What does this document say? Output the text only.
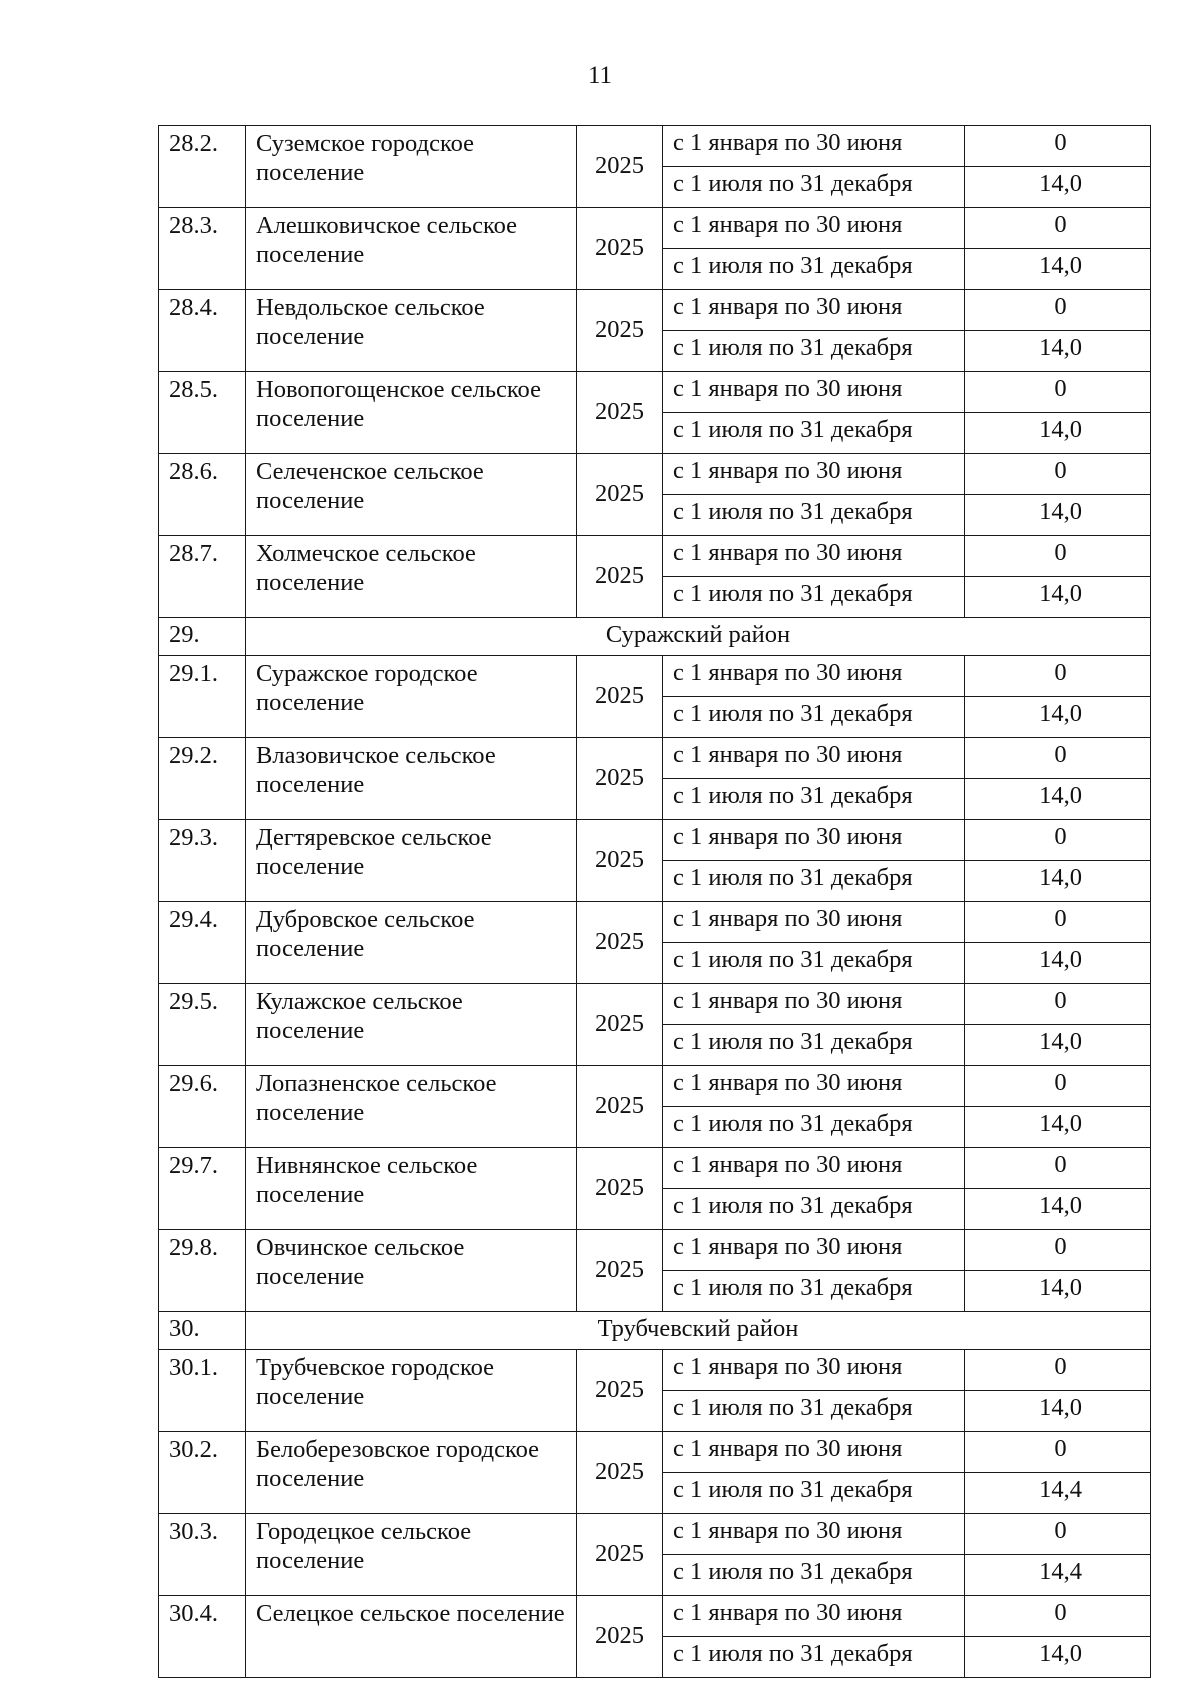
11
28.2.	Суземское городское поселение	2025	с 1 января по 30 июня	0
			с 1 июля по 31 декабря	14,0
28.3.	Алешковичское сельское поселение	2025	с 1 января по 30 июня	0
			с 1 июля по 31 декабря	14,0
28.4.	Невдольское сельское поселение	2025	с 1 января по 30 июня	0
			с 1 июля по 31 декабря	14,0
28.5.	Новопогощенское сельское поселение	2025	с 1 января по 30 июня	0
			с 1 июля по 31 декабря	14,0
28.6.	Селеченское сельское поселение	2025	с 1 января по 30 июня	0
			с 1 июля по 31 декабря	14,0
28.7.	Холмечское сельское поселение	2025	с 1 января по 30 июня	0
			с 1 июля по 31 декабря	14,0
29.	Суражский район			
29.1.	Суражское городское поселение	2025	с 1 января по 30 июня	0
			с 1 июля по 31 декабря	14,0
29.2.	Влазовичское сельское поселение	2025	с 1 января по 30 июня	0
			с 1 июля по 31 декабря	14,0
29.3.	Дегтяревское сельское поселение	2025	с 1 января по 30 июня	0
			с 1 июля по 31 декабря	14,0
29.4.	Дубровское сельское поселение	2025	с 1 января по 30 июня	0
			с 1 июля по 31 декабря	14,0
29.5.	Кулажское сельское поселение	2025	с 1 января по 30 июня	0
			с 1 июля по 31 декабря	14,0
29.6.	Лопазненское сельское поселение	2025	с 1 января по 30 июня	0
			с 1 июля по 31 декабря	14,0
29.7.	Нивнянское сельское поселение	2025	с 1 января по 30 июня	0
			с 1 июля по 31 декабря	14,0
29.8.	Овчинское сельское поселение	2025	с 1 января по 30 июня	0
			с 1 июля по 31 декабря	14,0
30.	Трубчевский район			
30.1.	Трубчевское городское поселение	2025	с 1 января по 30 июня	0
			с 1 июля по 31 декабря	14,0
30.2.	Белоберезовское городское поселение	2025	с 1 января по 30 июня	0
			с 1 июля по 31 декабря	14,4
30.3.	Городецкое сельское поселение	2025	с 1 января по 30 июня	0
			с 1 июля по 31 декабря	14,4
30.4.	Селецкое сельское поселение	2025	с 1 января по 30 июня	0
			с 1 июля по 31 декабря	14,0
